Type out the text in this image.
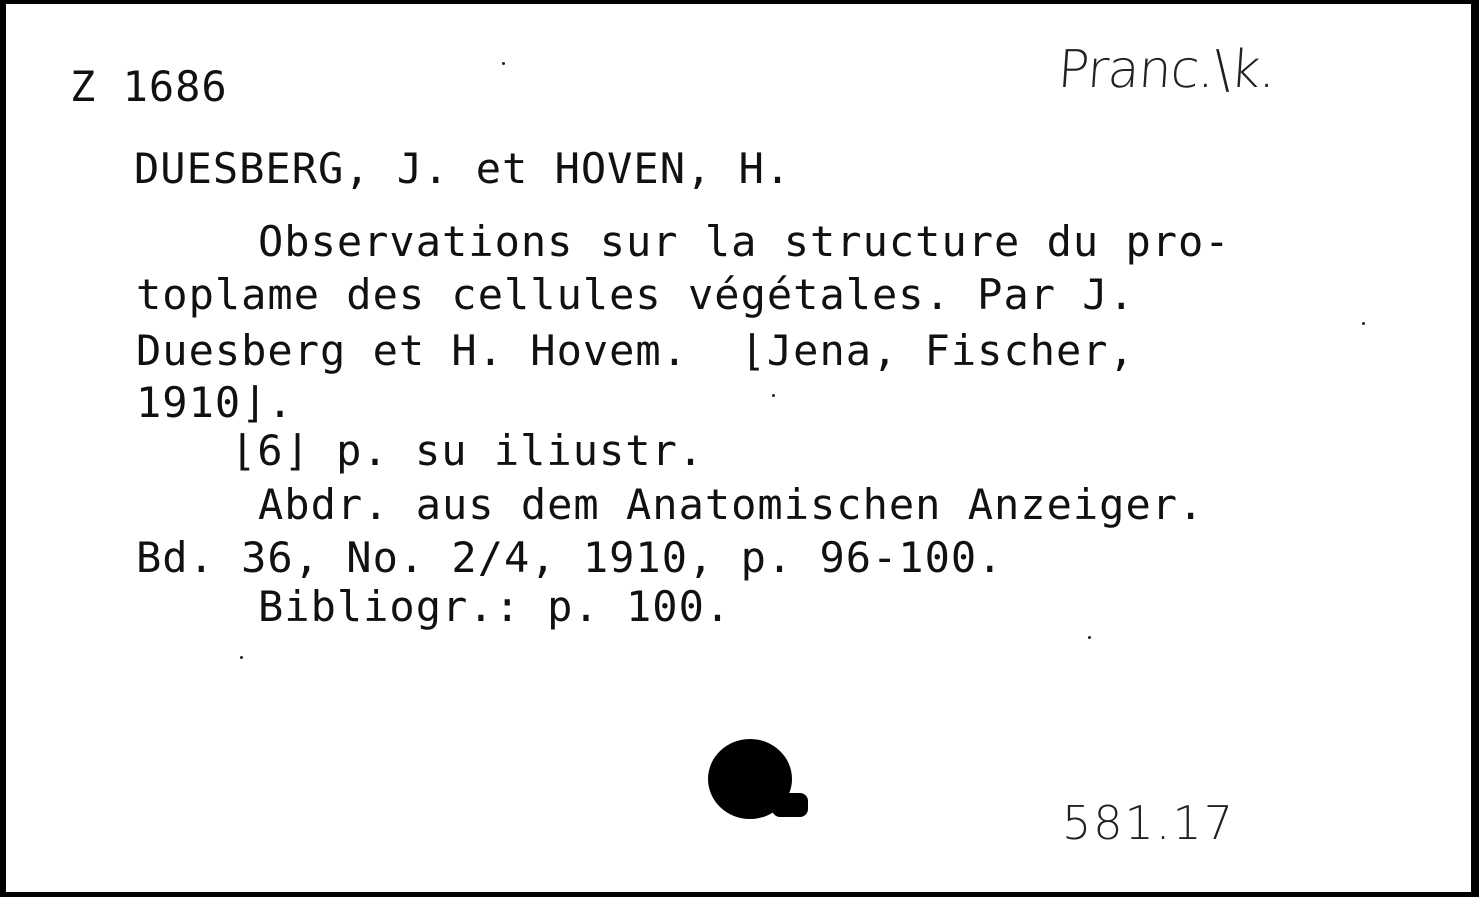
Z 1686	Pranc.\k.
DUESBERG, J. et HOVEN, H.
Observations sur la structure du pro-
toplame des cellules végétales. Par J.
Duesberg et H. Hovem.  ⌊Jena, Fischer,
1910⌋.
⌊6⌋ p. su iliustr.
Abdr. aus dem Anatomischen Anzeiger.
Bd. 36, No. 2/4, 1910, p. 96-100.
Bibliogr.: p. 100.
581.17
